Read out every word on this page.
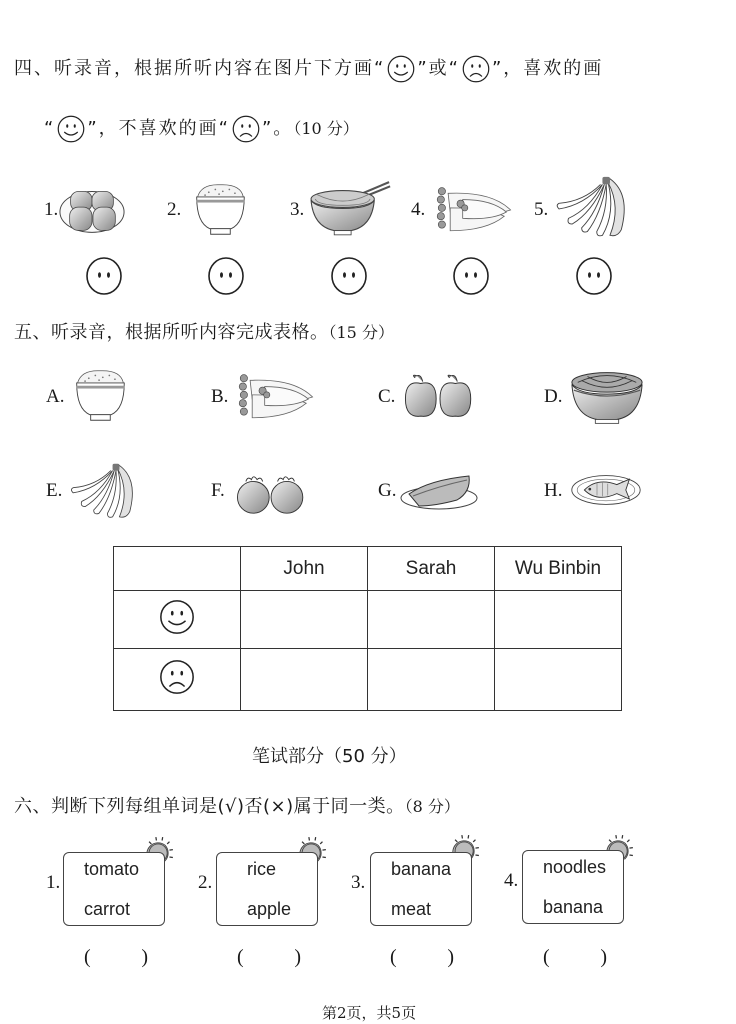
四、听录音，根据所听内容在图片下方画“ ”或“ ”，喜欢的画
“ ”，不喜欢的画“ ”。（10 分）
1.	2.	3.	4.	5.
五、听录音，根据所听内容完成表格。（15 分）
A.	B.	C.	D.
E.	F.	G.	H.
	John	Sarah	Wu Binbin

笔试部分（50 分）
六、判断下列每组单词是(√)否(×)属于同一类。（8 分）
1.
tomato
carrot
(	)
2.
rice
apple
(	)
3.
banana
meat
(	)
4.
noodles
banana
(	)
第2页，共5页
